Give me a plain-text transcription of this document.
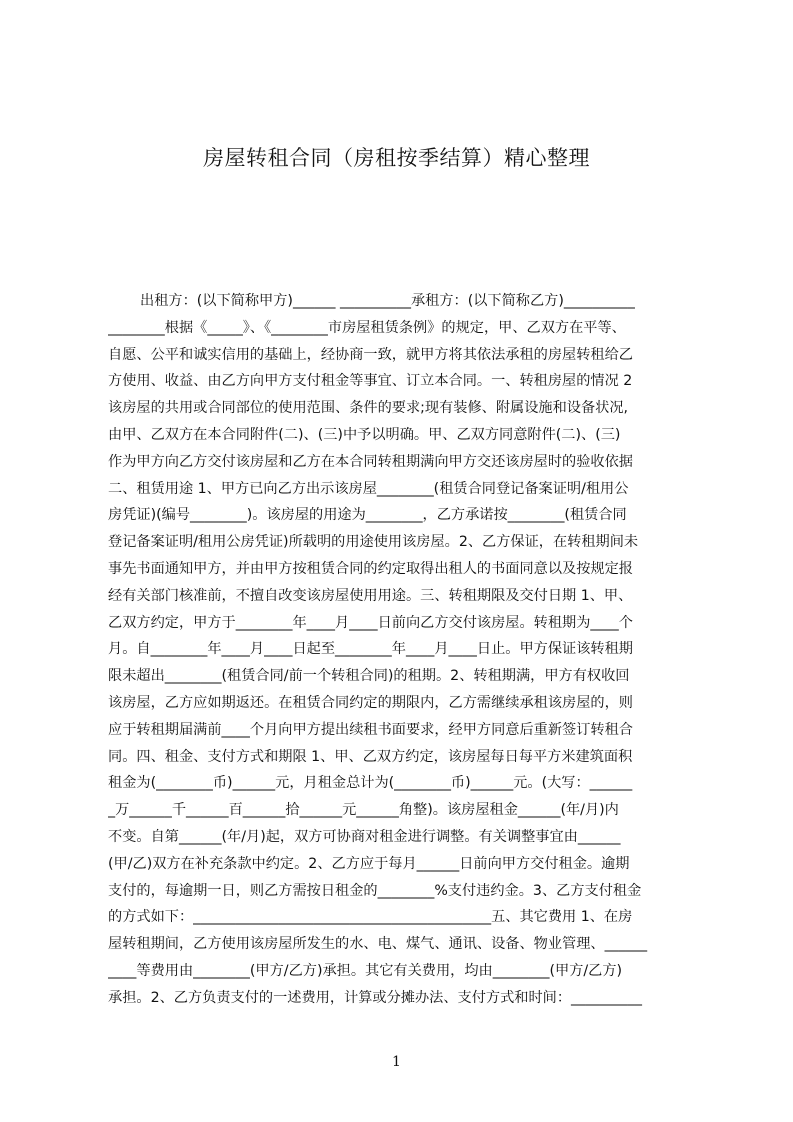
房屋转租合同（房租按季结算）精心整理
出租方：(以下简称甲方)______ __________承租方：(以下简称乙方)__________
________根据《_____》、《________市房屋租赁条例》的规定，甲、乙双方在平等、
自愿、公平和诚实信用的基础上，经协商一致，就甲方将其依法承租的房屋转租给乙
方使用、收益、由乙方向甲方支付租金等事宜、订立本合同。一、转租房屋的情况 2
该房屋的共用或合同部位的使用范围、条件的要求;现有装修、附属设施和设备状况,
由甲、乙双方在本合同附件(二)、(三)中予以明确。甲、乙双方同意附件(二)、(三)
作为甲方向乙方交付该房屋和乙方在本合同转租期满向甲方交还该房屋时的验收依据
二、租赁用途 1、甲方已向乙方出示该房屋________(租赁合同登记备案证明/租用公
房凭证)(编号________)。该房屋的用途为________，乙方承诺按________(租赁合同
登记备案证明/租用公房凭证)所载明的用途使用该房屋。2、乙方保证，在转租期间未
事先书面通知甲方，并由甲方按租赁合同的约定取得出租人的书面同意以及按规定报
经有关部门核准前，不擅自改变该房屋使用用途。三、转租期限及交付日期 1、甲、
乙双方约定，甲方于________年____月____日前向乙方交付该房屋。转租期为____个
月。自________年____月____日起至________年____月____日止。甲方保证该转租期
限未超出________(租赁合同/前一个转租合同)的租期。2、转租期满，甲方有权收回
该房屋，乙方应如期返还。在租赁合同约定的期限内，乙方需继续承租该房屋的，则
应于转租期届满前____个月向甲方提出续租书面要求，经甲方同意后重新签订转租合
同。四、租金、支付方式和期限 1、甲、乙双方约定，该房屋每日每平方米建筑面积
租金为(________币)______元，月租金总计为(________币)______元。(大写：______
_万______千______百______拾______元______角整)。该房屋租金______(年/月)内
不变。自第______(年/月)起，双方可协商对租金进行调整。有关调整事宜由______
(甲/乙)双方在补充条款中约定。2、乙方应于每月______日前向甲方交付租金。逾期
支付的，每逾期一日，则乙方需按日租金的________%支付违约金。3、乙方支付租金
的方式如下：__________________________________________五、其它费用 1、在房
屋转租期间，乙方使用该房屋所发生的水、电、煤气、通讯、设备、物业管理、______
____等费用由________(甲方/乙方)承担。其它有关费用，均由________(甲方/乙方)
承担。2、乙方负责支付的一述费用，计算或分摊办法、支付方式和时间：__________
1
